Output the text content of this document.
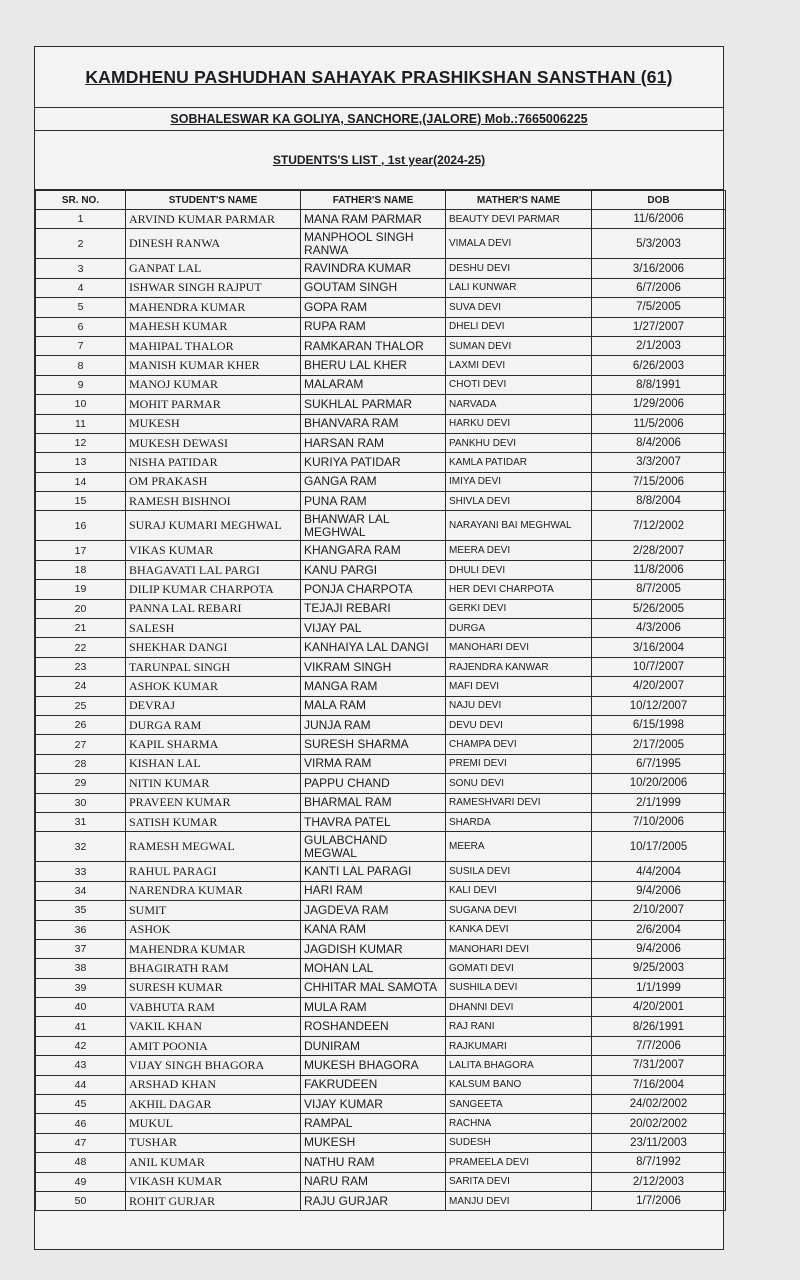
KAMDHENU PASHUDHAN SAHAYAK PRASHIKSHAN SANSTHAN (61)
SOBHALESWAR KA GOLIYA, SANCHORE,(JALORE) Mob.:7665006225
STUDENTS'S LIST , 1st year(2024-25)
SR. NO.	STUDENT'S NAME	FATHER'S NAME	MATHER'S NAME	DOB
1	ARVIND KUMAR PARMAR	MANA RAM PARMAR	BEAUTY DEVI PARMAR	11/6/2006
2	DINESH RANWA	MANPHOOL SINGH RANWA	VIMALA DEVI	5/3/2003
3	GANPAT LAL	RAVINDRA KUMAR	DESHU DEVI	3/16/2006
4	ISHWAR SINGH RAJPUT	GOUTAM SINGH	LALI KUNWAR	6/7/2006
5	MAHENDRA KUMAR	GOPA RAM	SUVA DEVI	7/5/2005
6	MAHESH KUMAR	RUPA RAM	DHELI DEVI	1/27/2007
7	MAHIPAL THALOR	RAMKARAN THALOR	SUMAN DEVI	2/1/2003
8	MANISH KUMAR KHER	BHERU LAL KHER	LAXMI DEVI	6/26/2003
9	MANOJ KUMAR	MALARAM	CHOTI DEVI	8/8/1991
10	MOHIT PARMAR	SUKHLAL PARMAR	NARVADA	1/29/2006
11	MUKESH	BHANVARA RAM	HARKU DEVI	11/5/2006
12	MUKESH DEWASI	HARSAN RAM	PANKHU DEVI	8/4/2006
13	NISHA PATIDAR	KURIYA PATIDAR	KAMLA PATIDAR	3/3/2007
14	OM PRAKASH	GANGA RAM	IMIYA DEVI	7/15/2006
15	RAMESH BISHNOI	PUNA RAM	SHIVLA DEVI	8/8/2004
16	SURAJ KUMARI MEGHWAL	BHANWAR LAL MEGHWAL	NARAYANI BAI MEGHWAL	7/12/2002
17	VIKAS KUMAR	KHANGARA RAM	MEERA DEVI	2/28/2007
18	BHAGAVATI LAL PARGI	KANU PARGI	DHULI DEVI	11/8/2006
19	DILIP KUMAR CHARPOTA	PONJA CHARPOTA	HER DEVI CHARPOTA	8/7/2005
20	PANNA LAL REBARI	TEJAJI REBARI	GERKI DEVI	5/26/2005
21	SALESH	VIJAY PAL	DURGA	4/3/2006
22	SHEKHAR DANGI	KANHAIYA LAL DANGI	MANOHARI DEVI	3/16/2004
23	TARUNPAL SINGH	VIKRAM SINGH	RAJENDRA KANWAR	10/7/2007
24	ASHOK KUMAR	MANGA RAM	MAFI DEVI	4/20/2007
25	DEVRAJ	MALA RAM	NAJU DEVI	10/12/2007
26	DURGA RAM	JUNJA RAM	DEVU DEVI	6/15/1998
27	KAPIL SHARMA	SURESH SHARMA	CHAMPA DEVI	2/17/2005
28	KISHAN LAL	VIRMA RAM	PREMI DEVI	6/7/1995
29	NITIN KUMAR	PAPPU CHAND	SONU DEVI	10/20/2006
30	PRAVEEN KUMAR	BHARMAL RAM	RAMESHVARI DEVI	2/1/1999
31	SATISH KUMAR	THAVRA PATEL	SHARDA	7/10/2006
32	RAMESH MEGWAL	GULABCHAND MEGWAL	MEERA	10/17/2005
33	RAHUL PARAGI	KANTI LAL PARAGI	SUSILA DEVI	4/4/2004
34	NARENDRA KUMAR	HARI RAM	KALI DEVI	9/4/2006
35	SUMIT	JAGDEVA RAM	SUGANA DEVI	2/10/2007
36	ASHOK	KANA RAM	KANKA DEVI	2/6/2004
37	MAHENDRA KUMAR	JAGDISH KUMAR	MANOHARI DEVI	9/4/2006
38	BHAGIRATH RAM	MOHAN LAL	GOMATI DEVI	9/25/2003
39	SURESH KUMAR	CHHITAR MAL SAMOTA	SUSHILA DEVI	1/1/1999
40	VABHUTA RAM	MULA RAM	DHANNI DEVI	4/20/2001
41	VAKIL KHAN	ROSHANDEEN	RAJ RANI	8/26/1991
42	AMIT POONIA	DUNIRAM	RAJKUMARI	7/7/2006
43	VIJAY SINGH BHAGORA	MUKESH BHAGORA	LALITA BHAGORA	7/31/2007
44	ARSHAD KHAN	FAKRUDEEN	KALSUM BANO	7/16/2004
45	AKHIL DAGAR	VIJAY KUMAR	SANGEETA	24/02/2002
46	MUKUL	RAMPAL	RACHNA	20/02/2002
47	TUSHAR	MUKESH	SUDESH	23/11/2003
48	ANIL KUMAR	NATHU RAM	PRAMEELA DEVI	8/7/1992
49	VIKASH KUMAR	NARU RAM	SARITA DEVI	2/12/2003
50	ROHIT GURJAR	RAJU GURJAR	MANJU DEVI	1/7/2006
